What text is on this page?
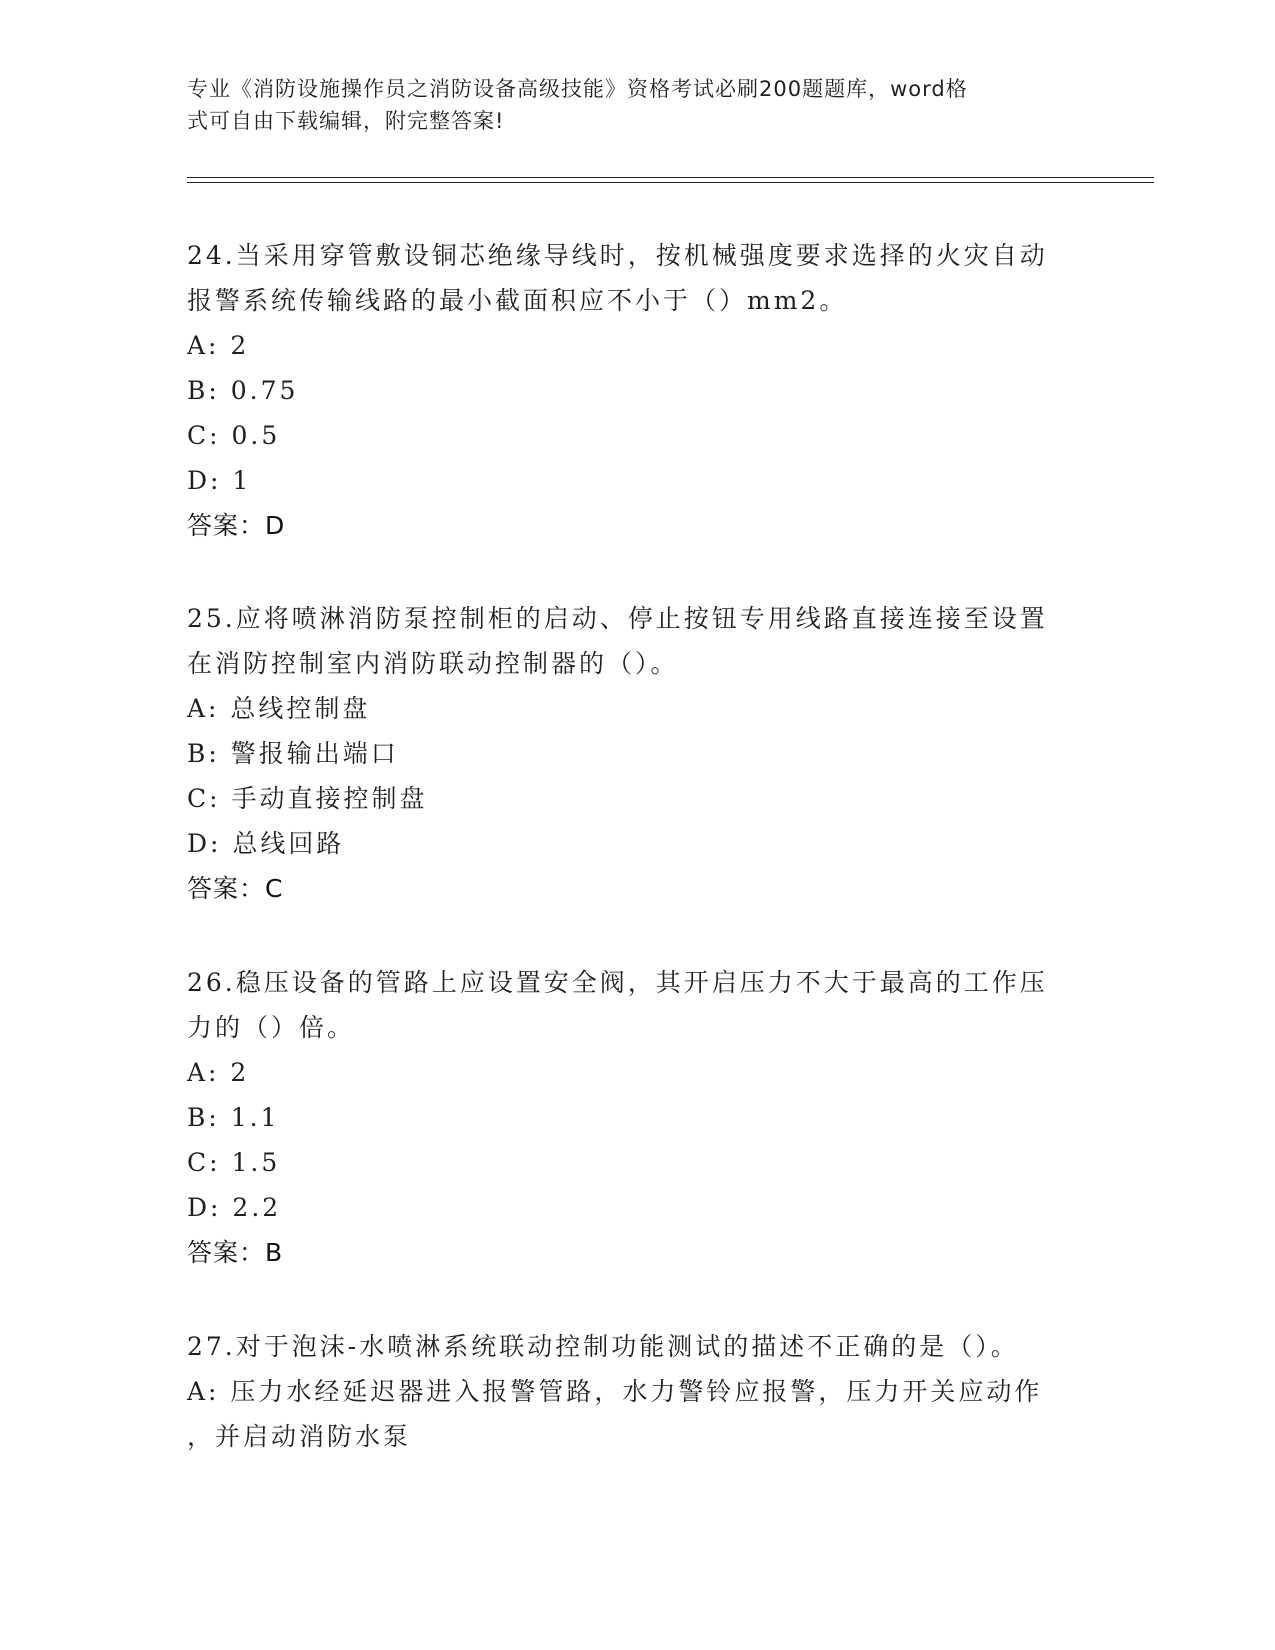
专业《消防设施操作员之消防设备高级技能》资格考试必刷200题题库，word格
式可自由下载编辑，附完整答案!

24.当采用穿管敷设铜芯绝缘导线时，按机械强度要求选择的火灾自动
报警系统传输线路的最小截面积应不小于（）mm2。

A: 2

B: 0.75

C: 0.5

D: 1

答案：D

25.应将喷淋消防泵控制柜的启动、停止按钮专用线路直接连接至设置
在消防控制室内消防联动控制器的（）。

A: 总线控制盘

B: 警报输出端口

C: 手动直接控制盘

D: 总线回路

答案：C

26.稳压设备的管路上应设置安全阀，其开启压力不大于最高的工作压
力的（）倍。

A: 2

B: 1.1

C: 1.5

D: 2.2

答案：B

27.对于泡沫-水喷淋系统联动控制功能测试的描述不正确的是（）。

A: 压力水经延迟器进入报警管路，水力警铃应报警，压力开关应动作
，并启动消防水泵
